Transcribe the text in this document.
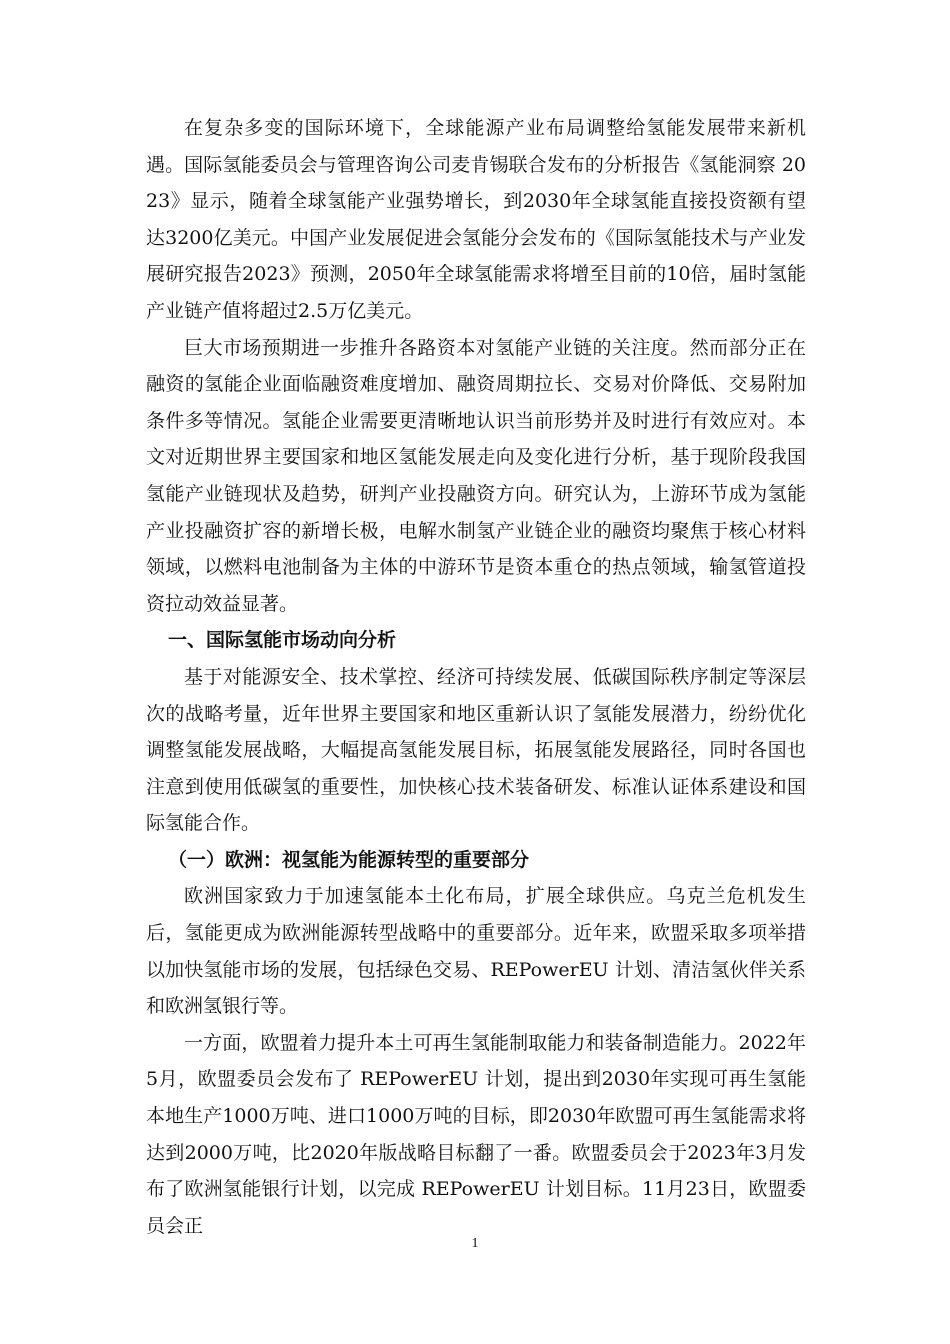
在复杂多变的国际环境下，全球能源产业布局调整给氢能发展带来新机遇。国际氢能委员会与管理咨询公司麦肯锡联合发布的分析报告《氢能洞察 2023》显示，随着全球氢能产业强势增长，到2030年全球氢能直接投资额有望达3200亿美元。中国产业发展促进会氢能分会发布的《国际氢能技术与产业发展研究报告2023》预测，2050年全球氢能需求将增至目前的10倍，届时氢能产业链产值将超过2.5万亿美元。

巨大市场预期进一步推升各路资本对氢能产业链的关注度。然而部分正在融资的氢能企业面临融资难度增加、融资周期拉长、交易对价降低、交易附加条件多等情况。氢能企业需要更清晰地认识当前形势并及时进行有效应对。本文对近期世界主要国家和地区氢能发展走向及变化进行分析，基于现阶段我国氢能产业链现状及趋势，研判产业投融资方向。研究认为，上游环节成为氢能产业投融资扩容的新增长极，电解水制氢产业链企业的融资均聚焦于核心材料领域，以燃料电池制备为主体的中游环节是资本重仓的热点领域，输氢管道投资拉动效益显著。

一、国际氢能市场动向分析

基于对能源安全、技术掌控、经济可持续发展、低碳国际秩序制定等深层次的战略考量，近年世界主要国家和地区重新认识了氢能发展潜力，纷纷优化调整氢能发展战略，大幅提高氢能发展目标，拓展氢能发展路径，同时各国也注意到使用低碳氢的重要性，加快核心技术装备研发、标准认证体系建设和国际氢能合作。

（一）欧洲：视氢能为能源转型的重要部分

欧洲国家致力于加速氢能本土化布局，扩展全球供应。乌克兰危机发生后，氢能更成为欧洲能源转型战略中的重要部分。近年来，欧盟采取多项举措以加快氢能市场的发展，包括绿色交易、REPowerEU 计划、清洁氢伙伴关系和欧洲氢银行等。

一方面，欧盟着力提升本土可再生氢能制取能力和装备制造能力。2022年5月，欧盟委员会发布了 REPowerEU 计划，提出到2030年实现可再生氢能本地生产1000万吨、进口1000万吨的目标，即2030年欧盟可再生氢能需求将达到2000万吨，比2020年版战略目标翻了一番。欧盟委员会于2023年3月发布了欧洲氢能银行计划，以完成 REPowerEU 计划目标。11月23日，欧盟委员会正

1
